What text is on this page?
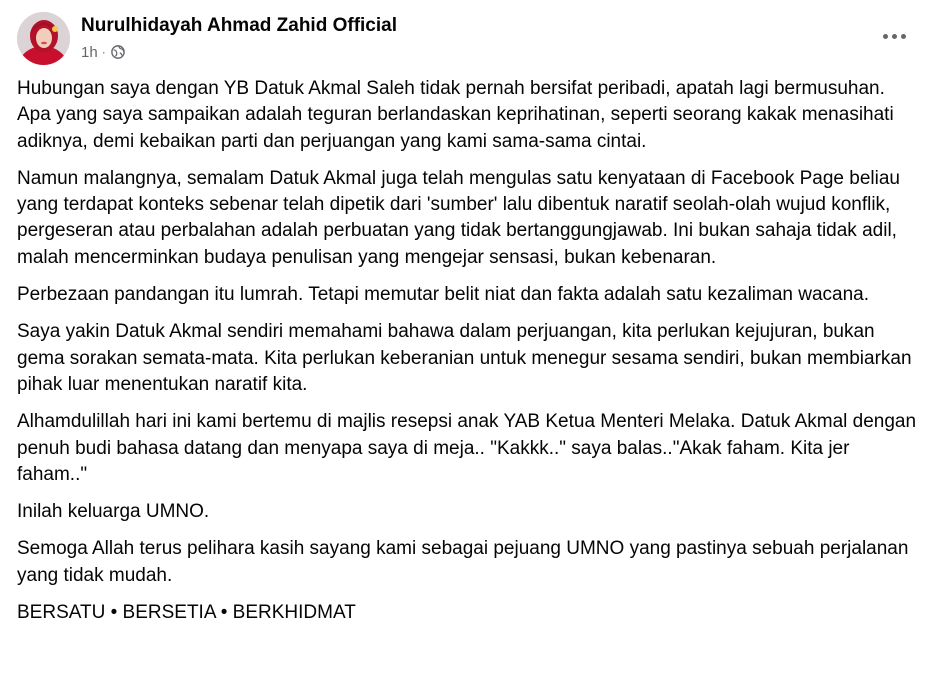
Nurulhidayah Ahmad Zahid Official
1h ·

Hubungan saya dengan YB Datuk Akmal Saleh tidak pernah bersifat peribadi, apatah lagi bermusuhan. Apa yang saya sampaikan adalah teguran berlandaskan keprihatinan, seperti seorang kakak menasihati adiknya, demi kebaikan parti dan perjuangan yang kami sama-sama cintai.

Namun malangnya, semalam Datuk Akmal juga telah mengulas satu kenyataan di Facebook Page beliau yang terdapat konteks sebenar telah dipetik dari 'sumber' lalu dibentuk naratif seolah-olah wujud konflik, pergeseran atau perbalahan adalah perbuatan yang tidak bertanggungjawab. Ini bukan sahaja tidak adil, malah mencerminkan budaya penulisan yang mengejar sensasi, bukan kebenaran.

Perbezaan pandangan itu lumrah. Tetapi memutar belit niat dan fakta adalah satu kezaliman wacana.

Saya yakin Datuk Akmal sendiri memahami bahawa dalam perjuangan, kita perlukan kejujuran, bukan gema sorakan semata-mata. Kita perlukan keberanian untuk menegur sesama sendiri, bukan membiarkan pihak luar menentukan naratif kita.

Alhamdulillah hari ini kami bertemu di majlis resepsi anak YAB Ketua Menteri Melaka. Datuk Akmal dengan penuh budi bahasa datang dan menyapa saya di meja.. "Kakkk.." saya balas.."Akak faham. Kita jer faham.."

Inilah keluarga UMNO.

Semoga Allah terus pelihara kasih sayang kami sebagai pejuang UMNO yang pastinya sebuah perjalanan yang tidak mudah.

BERSATU • BERSETIA • BERKHIDMAT
